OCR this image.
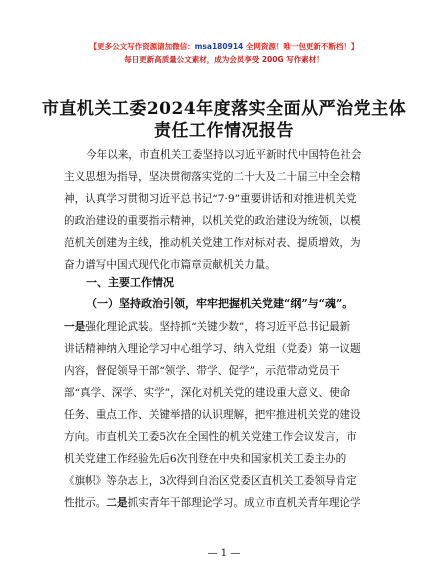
【更多公文写作资源请加微信：msa180914 全网资源！唯一包更新不断档！】
每日更新高质量公文素材，成为会员享受 200G 写作素材！
市直机关工委2024年度落实全面从严治党主体
责任工作情况报告
今年以来，市直机关工委坚持以习近平新时代中国特色社会
主义思想为指导，坚决贯彻落实党的二十大及二十届三中全会精
神，认真学习贯彻习近平总书记“7·9”重要讲话和对推进机关党
的政治建设的重要指示精神，以机关党的政治建设为统领，以模
范机关创建为主线，推动机关党建工作对标对表、提质增效，为
奋力谱写中国式现代化市篇章贡献机关力量。
一、主要工作情况
（一）坚持政治引领，牢牢把握机关党建“纲”与“魂”。
一是强化理论武装。坚持抓“关键少数”，将习近平总书记最新
讲话精神纳入理论学习中心组学习、纳入党组（党委）第一议题
内容，督促领导干部“领学、带学、促学”，示范带动党员干
部“真学、深学、实学”，深化对机关党的建设重大意义、使命
任务、重点工作、关键举措的认识理解，把牢推进机关党的建设
方向。市直机关工委5次在全国性的机关党建工作会议发言，市
机关党建工作经验先后6次刊登在中央和国家机关工委主办的
《旗帜》等杂志上，3次得到自治区党委区直机关工委领导肯定
性批示。二是抓实青年干部理论学习。成立市直机关青年理论学
— 1 —
